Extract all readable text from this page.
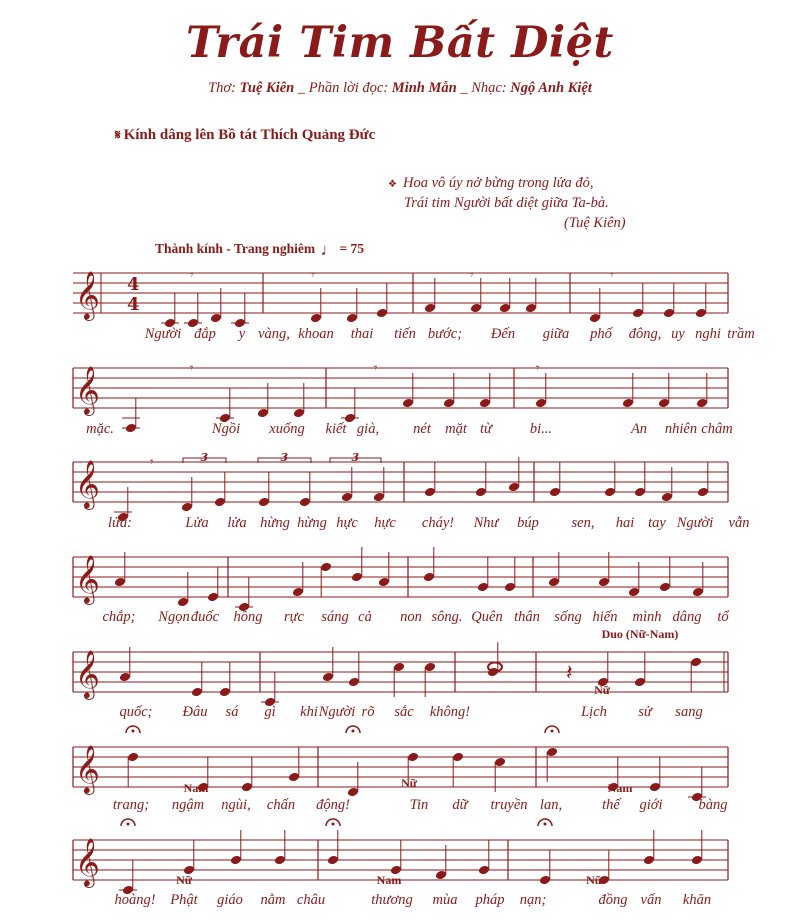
Trái Tim Bất Diệt
Thơ: Tuệ Kiên _ Phần lời đọc: Minh Mẫn _ Nhạc: Ngộ Anh Kiệt
𝄋 Kính dâng lên Bồ tát Thích Quảng Đức
❖ Hoa vô úy nở bừng trong lửa đỏ,
Trái tim Người bất diệt giữa Ta-bà.
(Tuệ Kiên)
Thành kính - Trang nghiêm ♩ = 75
𝄞 4
4
𝄞
𝄞
𝄞
𝄞
𝄞
𝄞
3	3	3
𝄾	𝄾	𝄾	𝄾
𝄾	𝄾	𝄾
𝄾
𝄽
Người đắp y vàng, khoan thai tiến bước; Đến giữa phố đông, uy nghi trầm
mặc.	Ngồi xuống kiết già, nét mặt từ	bi...	An nhiên châm
lửa:	Lửa lửa hừng hừng hực hực cháy! Như búp sen, hai tay Người vẫn
chắp; Ngọn đuốc hồng rực sáng cả non sông. Quên thân sống hiến mình dâng tổ
quốc; Đâu sá gì khi Người rõ sắc không!	Lịch sử sang
trang; ngậm ngùi, chấn động!	Tin dữ truyền lan,	thế giới bàng
hoàng! Phật giáo nằm châu	thương mùa pháp nạn;	đồng vấn khăn
Duo (Nữ-Nam)
Nữ
Nam	Nữ	Nam
Nữ	Nam	Nữ
